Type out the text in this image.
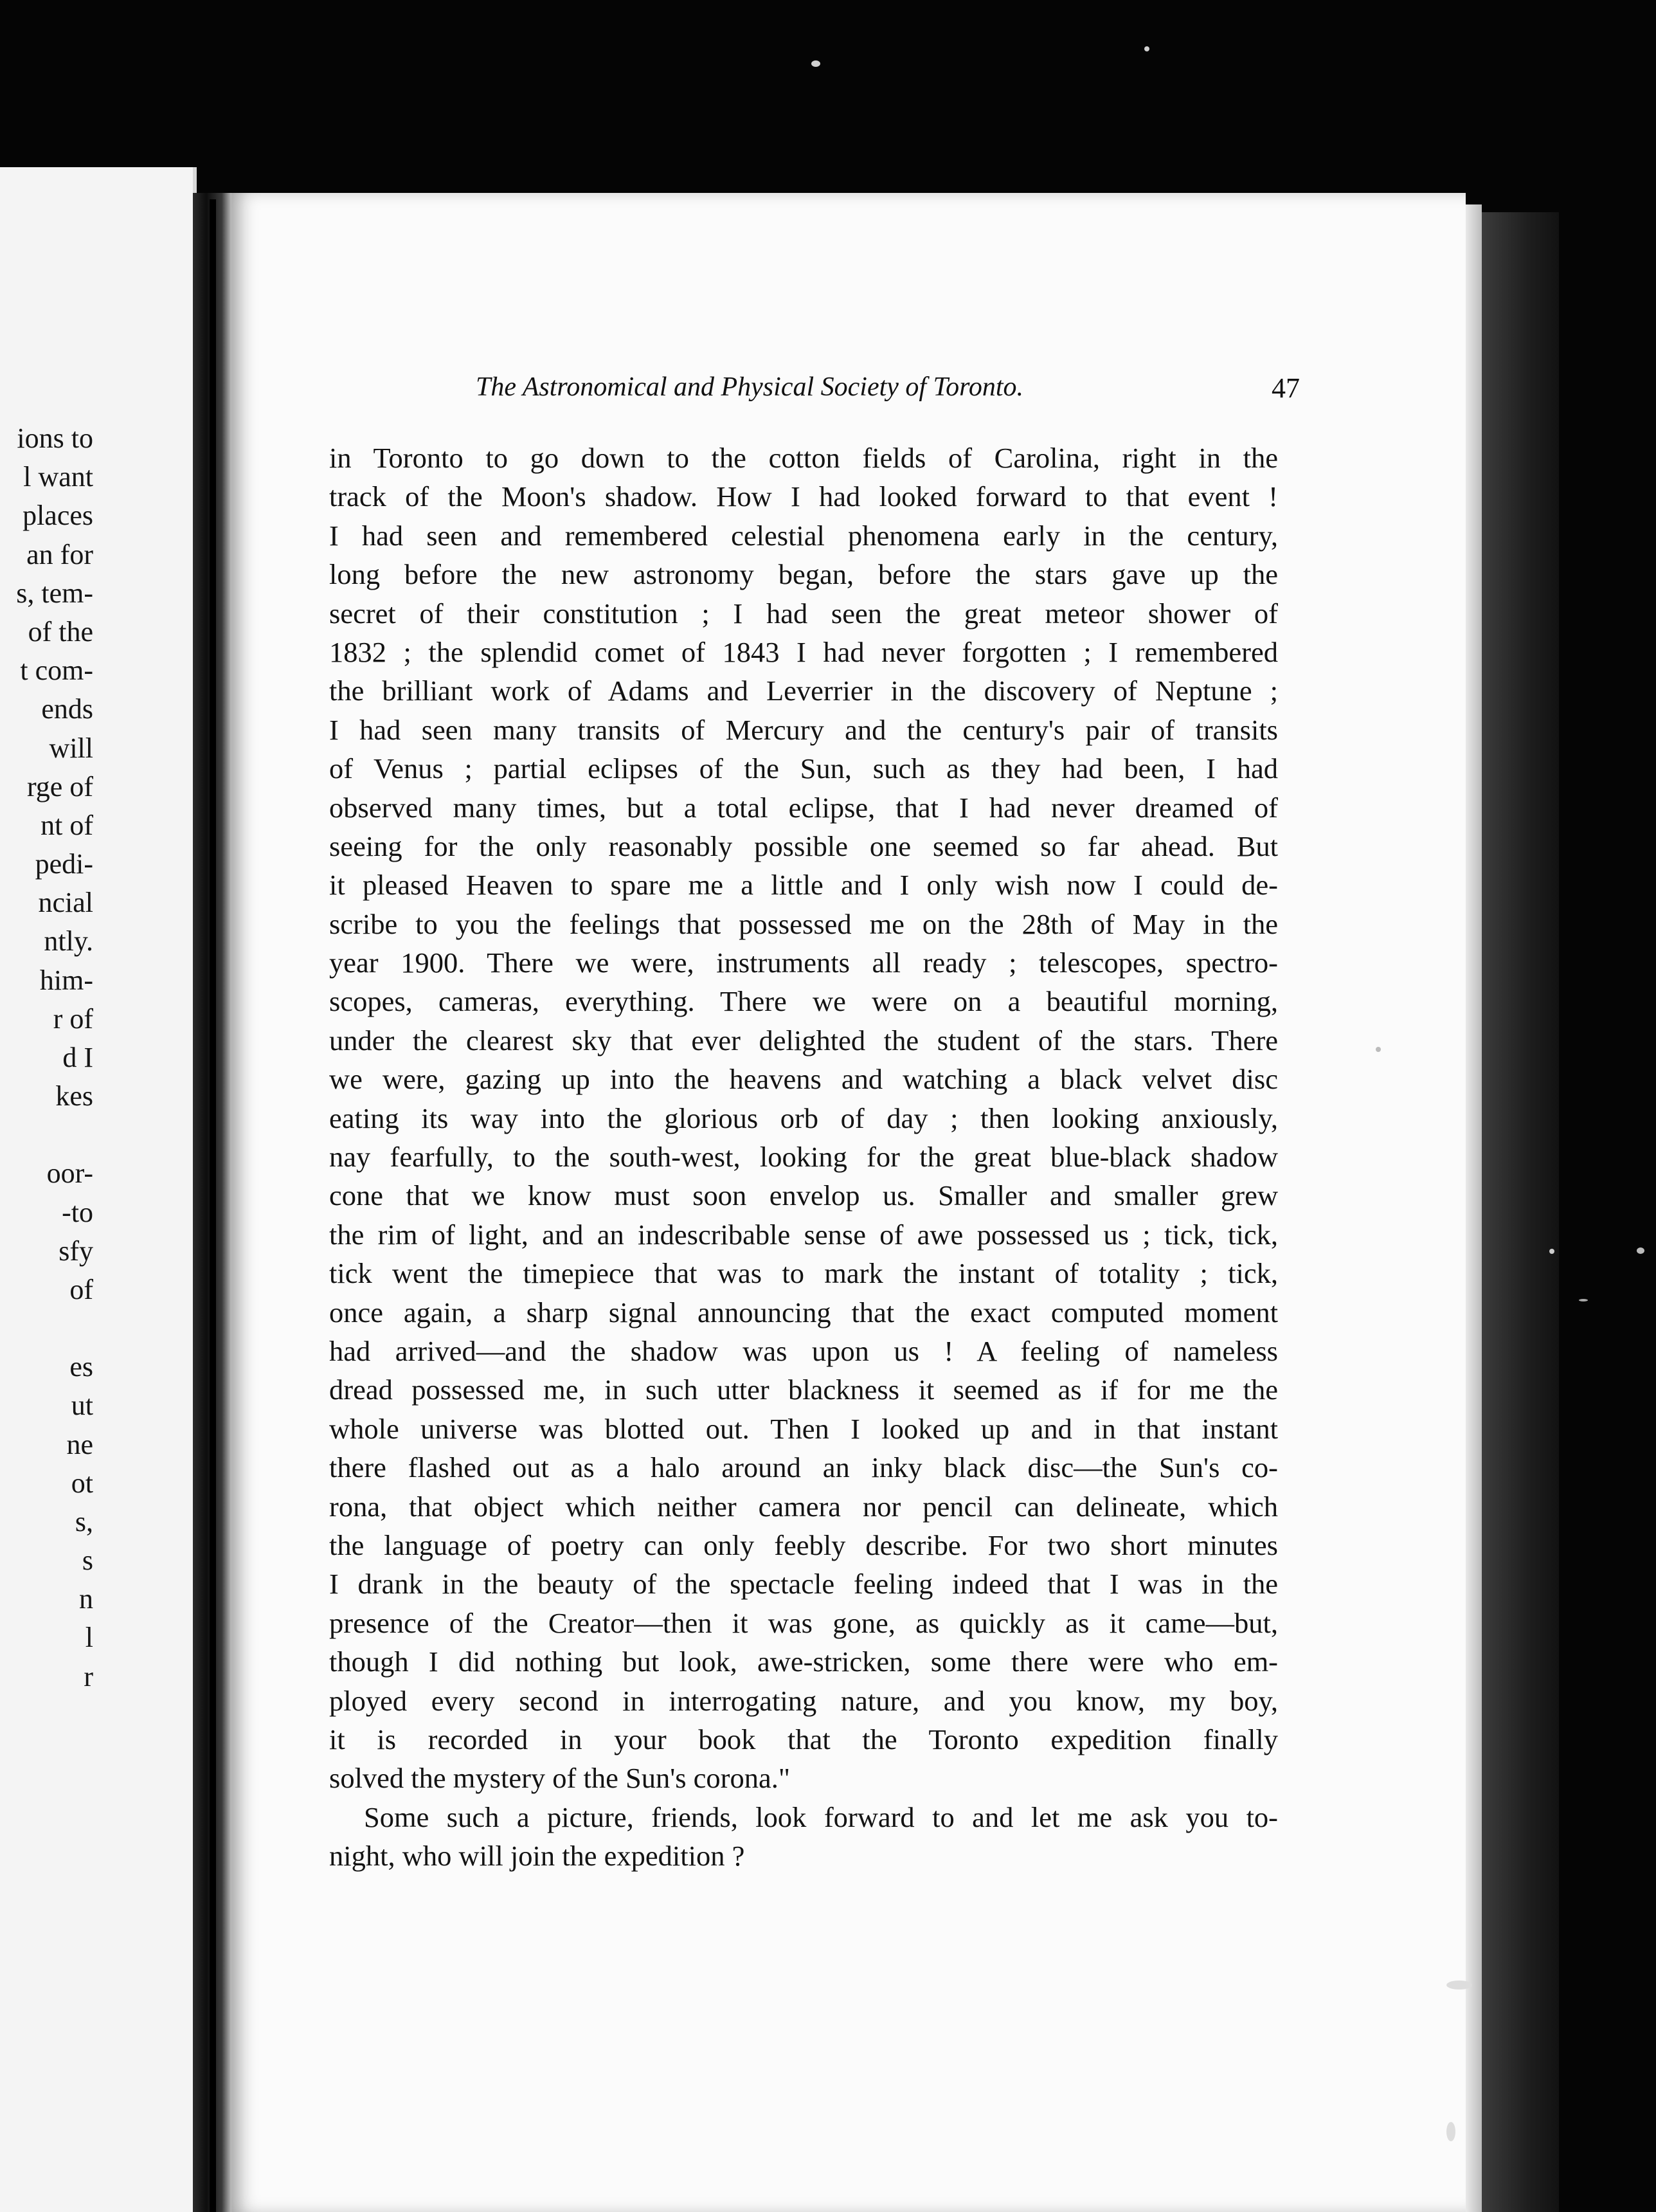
ions to
l want
places
an for
s, tem-
of the
t com-
ends
will
rge of
nt of
pedi-
ncial
ntly.
him-
r of
d I
kes
oor-
-to
sfy
of
es
ut
ne
ot
s,
s
n
l
r
The Astronomical and Physical Society of Toronto.	47
in Toronto to go down to the cotton fields of Carolina, right in the
track of the Moon's shadow. How I had looked forward to that event !
I had seen and remembered celestial phenomena early in the century,
long before the new astronomy began, before the stars gave up the
secret of their constitution ; I had seen the great meteor shower of
1832 ; the splendid comet of 1843 I had never forgotten ; I remembered
the brilliant work of Adams and Leverrier in the discovery of Neptune ;
I had seen many transits of Mercury and the century's pair of transits
of Venus ; partial eclipses of the Sun, such as they had been, I had
observed many times, but a total eclipse, that I had never dreamed of
seeing for the only reasonably possible one seemed so far ahead. But
it pleased Heaven to spare me a little and I only wish now I could de-
scribe to you the feelings that possessed me on the 28th of May in the
year 1900. There we were, instruments all ready ; telescopes, spectro-
scopes, cameras, everything. There we were on a beautiful morning,
under the clearest sky that ever delighted the student of the stars. There
we were, gazing up into the heavens and watching a black velvet disc
eating its way into the glorious orb of day ; then looking anxiously,
nay fearfully, to the south-west, looking for the great blue-black shadow
cone that we know must soon envelop us. Smaller and smaller grew
the rim of light, and an indescribable sense of awe possessed us ; tick, tick,
tick went the timepiece that was to mark the instant of totality ; tick,
once again, a sharp signal announcing that the exact computed moment
had arrived—and the shadow was upon us ! A feeling of nameless
dread possessed me, in such utter blackness it seemed as if for me the
whole universe was blotted out. Then I looked up and in that instant
there flashed out as a halo around an inky black disc—the Sun's co-
rona, that object which neither camera nor pencil can delineate, which
the language of poetry can only feebly describe. For two short minutes
I drank in the beauty of the spectacle feeling indeed that I was in the
presence of the Creator—then it was gone, as quickly as it came—but,
though I did nothing but look, awe-stricken, some there were who em-
ployed every second in interrogating nature, and you know, my boy,
it is recorded in your book that the Toronto expedition finally
solved the mystery of the Sun's corona."
Some such a picture, friends, look forward to and let me ask you to-
night, who will join the expedition ?
